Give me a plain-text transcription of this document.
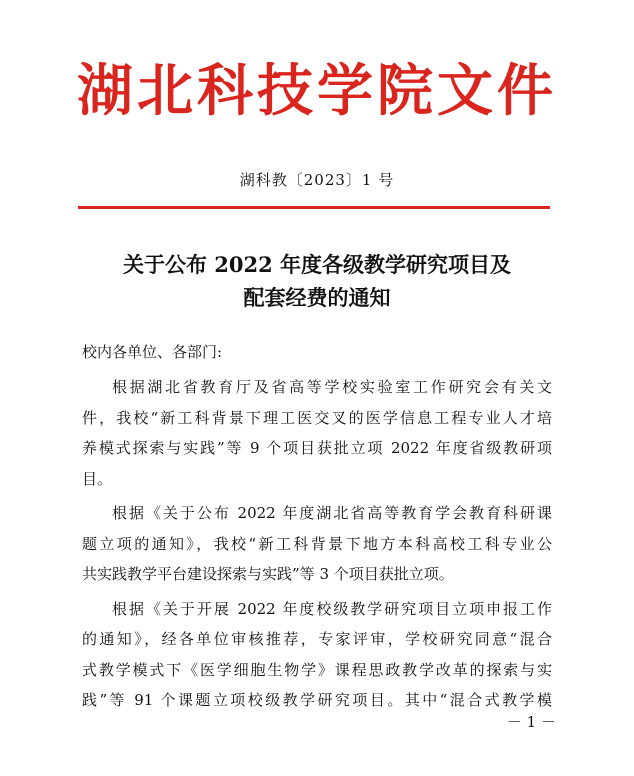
湖北科技学院文件
湖科教〔2023〕1 号
关于公布 2022 年度各级教学研究项目及
配套经费的通知
校内各单位、各部门:
根据湖北省教育厅及省高等学校实验室工作研究会有关文
件，我校“新工科背景下理工医交叉的医学信息工程专业人才培
养模式探索与实践”等 9 个项目获批立项 2022 年度省级教研项
目。
根据《关于公布 2022 年度湖北省高等教育学会教育科研课
题立项的通知》，我校“新工科背景下地方本科高校工科专业公
共实践教学平台建设探索与实践”等 3 个项目获批立项。
根据《关于开展 2022 年度校级教学研究项目立项申报工作
的通知》，经各单位审核推荐，专家评审，学校研究同意“混合
式教学模式下《医学细胞生物学》课程思政教学改革的探索与实
践”等 91 个课题立项校级教学研究项目。其中“混合式教学模
－ 1 －
